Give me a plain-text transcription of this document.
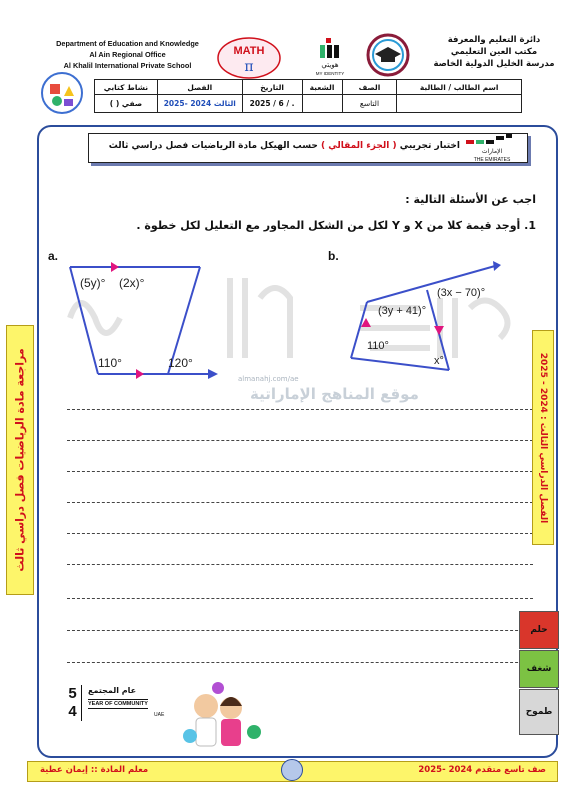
Department of Education and Knowledge
Al Ain Regional Office
Al Khalil International Private School
دائرة التعليم والمعرفة
مكتب العين التعليمي
مدرسة الخليل الدولية الخاصة
MATH
π	هويتي
MY IDENTITY
اسم الطالب / الطالبة	الصف	الشعبة	التاريخ	الفصل	نشاط كتابي
	التاسع		2025 / 6 / .	الثالث 2024 -2025	صفي ( )
اختبار تجريبي ( الجزء المقالي ) حسب الهيكل مادة الرياضيات فصل دراسي ثالث
الإمارات
THE EMIRATES
اجب عن الأسئلة التالية :
1. أوجد قيمة كلا من X و Y لكل من الشكل المجاور مع التعليل لكل خطوة .
a.
(5y)° (2x)°
110°	120°
b.
(3y + 41)°
(3x − 70)°
110°
x°
almanahj.com/ae
موقع المناهج الإماراتية
مراجعة مادة الرياضيات فصل دراسي ثالث	الفصل الدراسي الثالث : 2024 - 2025
حلم
شغف
طموح
5
4
عام المجتمع
YEAR OF COMMUNITY
UAE
معلم المادة :: إيمان عطية	صف تاسع متقدم 2024 -2025
